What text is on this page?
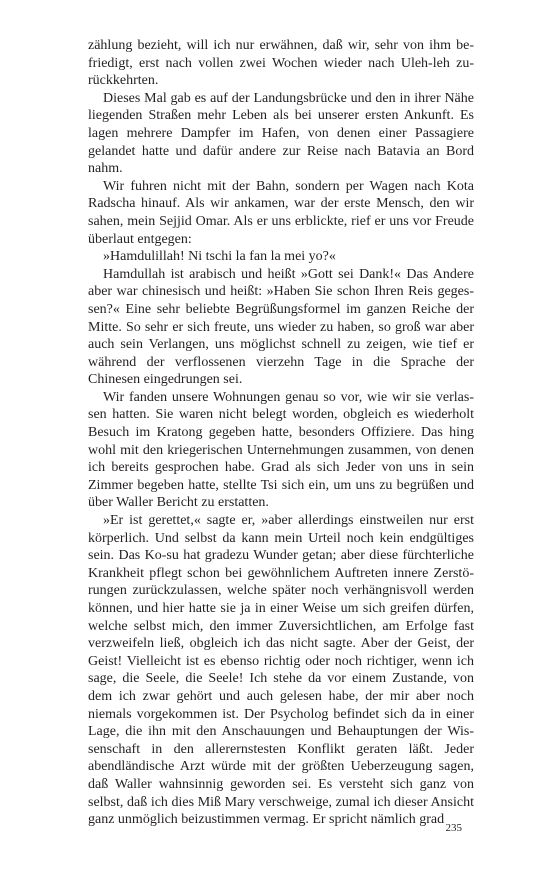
zählung bezieht, will ich nur erwähnen, daß wir, sehr von ihm befriedigt, erst nach vollen zwei Wochen wieder nach Uleh-leh zurückkehrten.

Dieses Mal gab es auf der Landungsbrücke und den in ihrer Nähe liegenden Straßen mehr Leben als bei unserer ersten Ankunft. Es lagen mehrere Dampfer im Hafen, von denen einer Passagiere gelandet hatte und dafür andere zur Reise nach Batavia an Bord nahm.

Wir fuhren nicht mit der Bahn, sondern per Wagen nach Kota Radscha hinauf. Als wir ankamen, war der erste Mensch, den wir sahen, mein Sejjid Omar. Als er uns erblickte, rief er uns vor Freude überlaut entgegen:

»Hamdulillah! Ni tschi la fan la mei yo?«

Hamdullah ist arabisch und heißt »Gott sei Dank!« Das Andere aber war chinesisch und heißt: »Haben Sie schon Ihren Reis gegessen?« Eine sehr beliebte Begrüßungsformel im ganzen Reiche der Mitte. So sehr er sich freute, uns wieder zu haben, so groß war aber auch sein Verlangen, uns möglichst schnell zu zeigen, wie tief er während der verflossenen vierzehn Tage in die Sprache der Chinesen eingedrungen sei.

Wir fanden unsere Wohnungen genau so vor, wie wir sie verlassen hatten. Sie waren nicht belegt worden, obgleich es wiederholt Besuch im Kratong gegeben hatte, besonders Offiziere. Das hing wohl mit den kriegerischen Unternehmungen zusammen, von denen ich bereits gesprochen habe. Grad als sich Jeder von uns in sein Zimmer begeben hatte, stellte Tsi sich ein, um uns zu begrüßen und über Waller Bericht zu erstatten.

»Er ist gerettet,« sagte er, »aber allerdings einstweilen nur erst körperlich. Und selbst da kann mein Urteil noch kein endgültiges sein. Das Ko-su hat gradezu Wunder getan; aber diese fürchterliche Krankheit pflegt schon bei gewöhnlichem Auftreten innere Zerstörungen zurückzulassen, welche später noch verhängnisvoll werden können, und hier hatte sie ja in einer Weise um sich greifen dürfen, welche selbst mich, den immer Zuversichtlichen, am Erfolge fast verzweifeln ließ, obgleich ich das nicht sagte. Aber der Geist, der Geist! Vielleicht ist es ebenso richtig oder noch richtiger, wenn ich sage, die Seele, die Seele! Ich stehe da vor einem Zustande, von dem ich zwar gehört und auch gelesen habe, der mir aber noch niemals vorgekommen ist. Der Psycholog befindet sich da in einer Lage, die ihn mit den Anschauungen und Behauptungen der Wissenschaft in den allerernstesten Konflikt geraten läßt. Jeder abendländische Arzt würde mit der größten Ueberzeugung sagen, daß Waller wahnsinnig geworden sei. Es versteht sich ganz von selbst, daß ich dies Miß Mary verschweige, zumal ich dieser Ansicht ganz unmöglich beizustimmen vermag. Er spricht nämlich grad

235
